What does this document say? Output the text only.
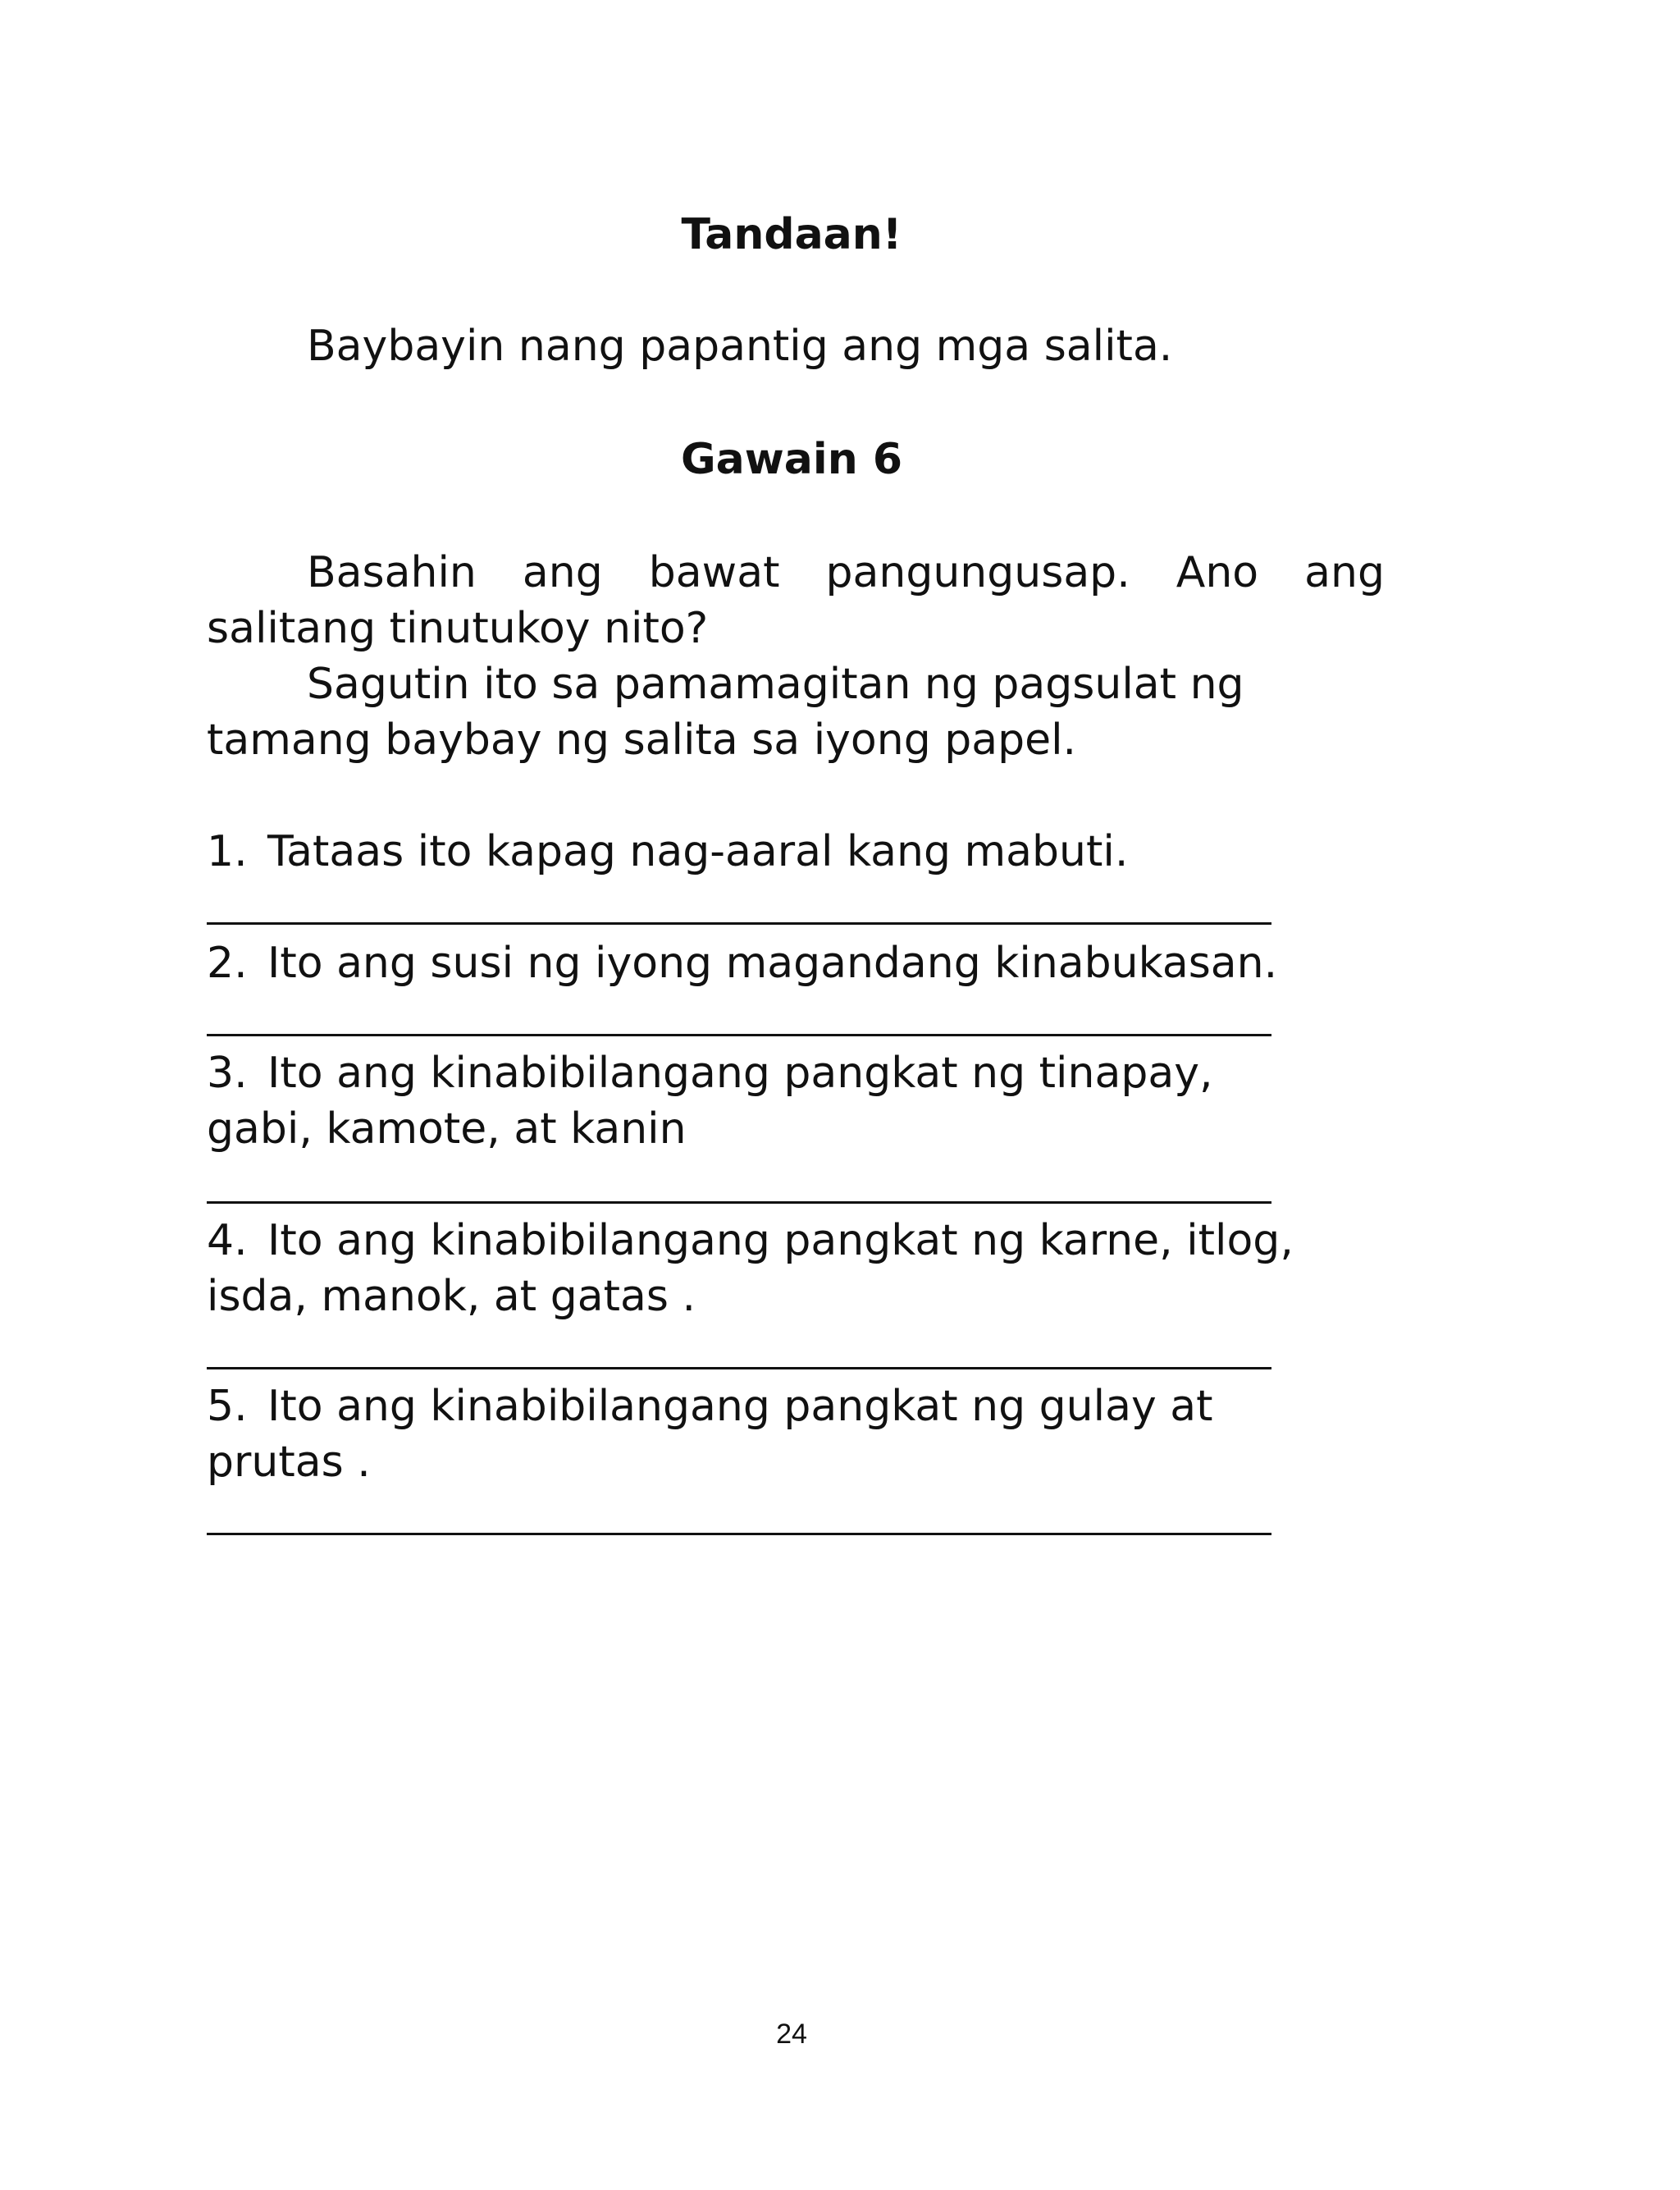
Tandaan!

Baybayin nang papantig ang mga salita.

Gawain 6

Basahin ang bawat pangungusap. Ano ang salitang tinutukoy nito?

Sagutin ito sa pamamagitan ng pagsulat ng

tamang baybay ng salita sa iyong papel.

1. Tataas ito kapag nag-aaral kang mabuti.
2. Ito ang susi ng iyong magandang kinabukasan.
3. Ito ang kinabibilangang pangkat ng tinapay,
gabi, kamote, at kanin
4. Ito ang kinabibilangang pangkat ng karne, itlog,
isda, manok, at gatas .
5. Ito ang kinabibilangang pangkat ng gulay at
prutas .
24
